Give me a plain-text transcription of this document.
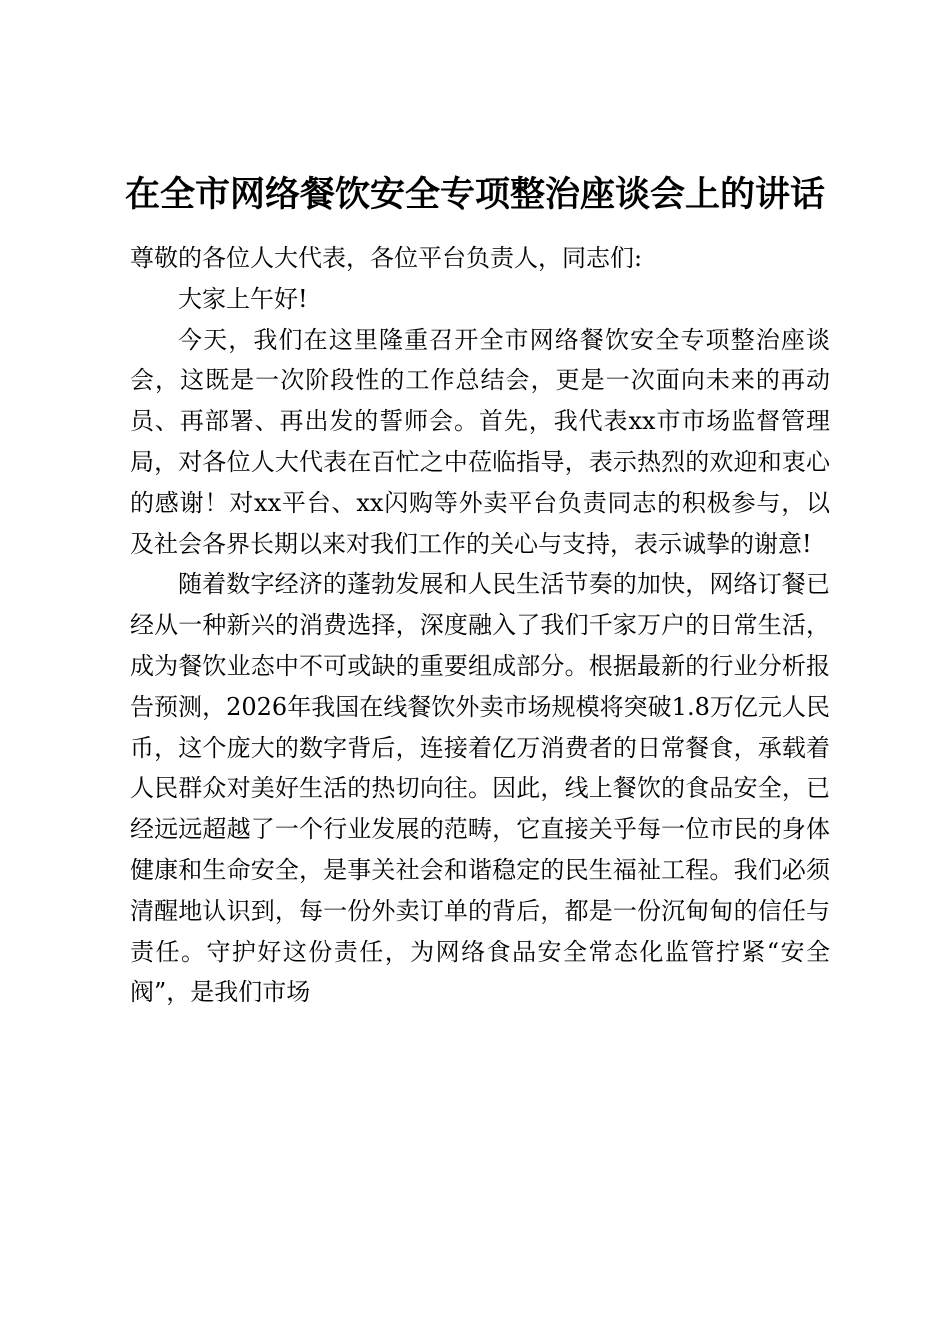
在全市网络餐饮安全专项整治座谈会上的讲话

尊敬的各位人大代表，各位平台负责人，同志们:

大家上午好!

今天，我们在这里隆重召开全市网络餐饮安全专项整治座谈会，这既是一次阶段性的工作总结会，更是一次面向未来的再动员、再部署、再出发的誓师会。首先，我代表xx市市场监督管理局，对各位人大代表在百忙之中莅临指导，表示热烈的欢迎和衷心的感谢！对xx平台、xx闪购等外卖平台负责同志的积极参与，以及社会各界长期以来对我们工作的关心与支持，表示诚挚的谢意!

随着数字经济的蓬勃发展和人民生活节奏的加快，网络订餐已经从一种新兴的消费选择，深度融入了我们千家万户的日常生活，成为餐饮业态中不可或缺的重要组成部分。根据最新的行业分析报告预测，2026年我国在线餐饮外卖市场规模将突破1.8万亿元人民币，这个庞大的数字背后，连接着亿万消费者的日常餐食，承载着人民群众对美好生活的热切向往。因此，线上餐饮的食品安全，已经远远超越了一个行业发展的范畴，它直接关乎每一位市民的身体健康和生命安全，是事关社会和谐稳定的民生福祉工程。我们必须清醒地认识到，每一份外卖订单的背后，都是一份沉甸甸的信任与责任。守护好这份责任，为网络食品安全常态化监管拧紧“安全阀”，是我们市场
